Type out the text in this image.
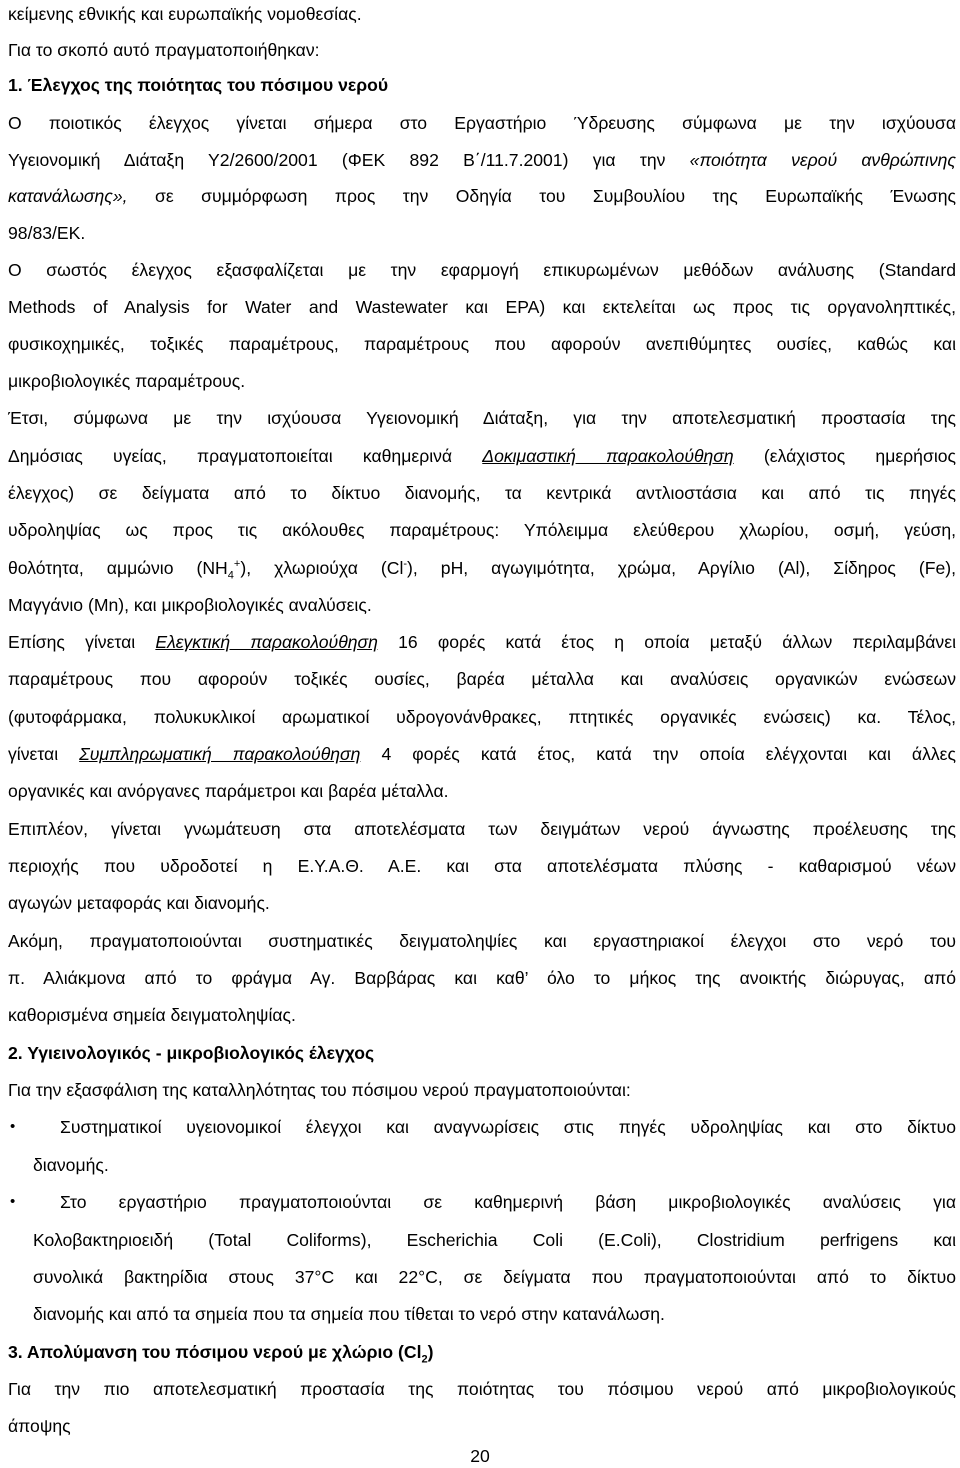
κείμενης εθνικής και ευρωπαϊκής νομοθεσίας.
Για το σκοπό αυτό πραγματοποιήθηκαν:
1. Έλεγχος της ποιότητας του πόσιμου νερού
Ο ποιοτικός έλεγχος γίνεται σήμερα στο Εργαστήριο Ύδρευσης σύμφωνα με την ισχύουσα
Υγειονομική Διάταξη Υ2/2600/2001 (ΦΕΚ 892 Β΄/11.7.2001) για την «ποιότητα νερού ανθρώπινης
κατανάλωσης», σε συμμόρφωση προς την Οδηγία του Συμβουλίου της Ευρωπαϊκής Ένωσης
98/83/ΕΚ.
Ο σωστός έλεγχος εξασφαλίζεται με την εφαρμογή επικυρωμένων μεθόδων ανάλυσης (Standard
Methods of Analysis for Water and Wastewater και EPA) και εκτελείται ως προς τις οργανοληπτικές,
φυσικοχημικές, τοξικές παραμέτρους, παραμέτρους που αφορούν ανεπιθύμητες ουσίες, καθώς και
μικροβιολογικές παραμέτρους.
Έτσι, σύμφωνα με την ισχύουσα Υγειονομική Διάταξη, για την αποτελεσματική προστασία της
Δημόσιας υγείας, πραγματοποιείται καθημερινά Δοκιμαστική παρακολούθηση (ελάχιστος ημερήσιος
έλεγχος) σε δείγματα από το δίκτυο διανομής, τα κεντρικά αντλιοστάσια και από τις πηγές
υδροληψίας ως προς τις ακόλουθες παραμέτρους: Υπόλειμμα ελεύθερου χλωρίου, οσμή, γεύση,
θολότητα, αμμώνιο $(NH_4^+)$, χλωριούχα (Cl-), pH, αγωγιμότητα, χρώμα, Αργίλιο (Al), Σίδηρος (Fe),
Μαγγάνιο (Mn), και μικροβιολογικές αναλύσεις.
Επίσης γίνεται Ελεγκτική παρακολούθηση 16 φορές κατά έτος η οποία μεταξύ άλλων περιλαμβάνει
παραμέτρους που αφορούν τοξικές ουσίες, βαρέα μέταλλα και αναλύσεις οργανικών ενώσεων
(φυτοφάρμακα, πολυκυκλικοί αρωματικοί υδρογονάνθρακες, πτητικές οργανικές ενώσεις) κα. Τέλος,
γίνεται Συμπληρωματική παρακολούθηση 4 φορές κατά έτος, κατά την οποία ελέγχονται και άλλες
οργανικές και ανόργανες παράμετροι και βαρέα μέταλλα.
Επιπλέον, γίνεται γνωμάτευση στα αποτελέσματα των δειγμάτων νερού άγνωστης προέλευσης της
περιοχής που υδροδοτεί η Ε.Υ.Α.Θ. Α.Ε. και στα αποτελέσματα πλύσης - καθαρισμού νέων
αγωγών μεταφοράς και διανομής.
Ακόμη, πραγματοποιούνται συστηματικές δειγματοληψίες και εργαστηριακοί έλεγχοι στο νερό του
π. Αλιάκμονα από το φράγμα Αγ. Βαρβάρας και καθ’ όλο το μήκος της ανοικτής διώρυγας, από
καθορισμένα σημεία δειγματοληψίας.
2. Υγιεινολογικός - μικροβιολογικός έλεγχος
Για την εξασφάλιση της καταλληλότητας του πόσιμου νερού πραγματοποιούνται:
•	Συστηματικοί υγειονομικοί έλεγχοι και αναγνωρίσεις στις πηγές υδροληψίας και στο δίκτυο
διανομής.
•	Στο εργαστήριο πραγματοποιούνται σε καθημερινή βάση μικροβιολογικές αναλύσεις για
Κολοβακτηριοειδή (Total Coliforms), Escherichia Coli (E.Coli), Clostridium perfrigens και
συνολικά βακτηρίδια στους 37°C και 22°C, σε δείγματα που πραγματοποιούνται από το δίκτυο
διανομής και από τα σημεία που τα σημεία που τίθεται το νερό στην κατανάλωση.
3. Απολύμανση του πόσιμου νερού με χλώριο $(Cl_2)$
Για την πιο αποτελεσματική προστασία της ποιότητας του πόσιμου νερού από μικροβιολογικούς
άποψης
20
